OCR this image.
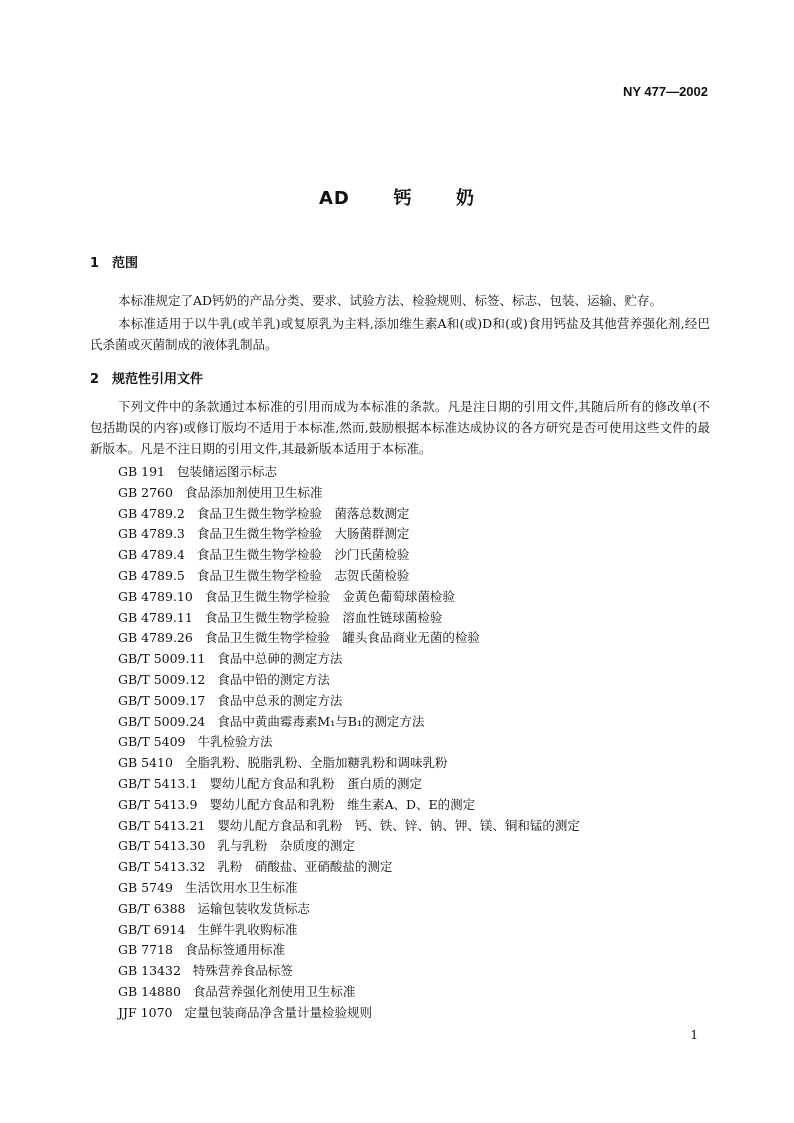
NY 477—2002
AD      钙      奶
1 范围
本标准规定了AD钙奶的产品分类、要求、试验方法、检验规则、标签、标志、包装、运输、贮存。
本标准适用于以牛乳(或羊乳)或复原乳为主料,添加维生素A和(或)D和(或)食用钙盐及其他营养强化剂,经巴氏杀菌或灭菌制成的液体乳制品。
2 规范性引用文件
下列文件中的条款通过本标准的引用而成为本标准的条款。凡是注日期的引用文件,其随后所有的修改单(不包括勘误的内容)或修订版均不适用于本标准,然而,鼓励根据本标准达成协议的各方研究是否可使用这些文件的最新版本。凡是不注日期的引用文件,其最新版本适用于本标准。
GB 191 包装储运图示标志
GB 2760 食品添加剂使用卫生标准
GB 4789.2 食品卫生微生物学检验　菌落总数测定
GB 4789.3 食品卫生微生物学检验　大肠菌群测定
GB 4789.4 食品卫生微生物学检验　沙门氏菌检验
GB 4789.5 食品卫生微生物学检验　志贺氏菌检验
GB 4789.10 食品卫生微生物学检验　金黄色葡萄球菌检验
GB 4789.11 食品卫生微生物学检验　溶血性链球菌检验
GB 4789.26 食品卫生微生物学检验　罐头食品商业无菌的检验
GB/T 5009.11 食品中总砷的测定方法
GB/T 5009.12 食品中铅的测定方法
GB/T 5009.17 食品中总汞的测定方法
GB/T 5009.24 食品中黄曲霉毒素M₁与B₁的测定方法
GB/T 5409 牛乳检验方法
GB 5410 全脂乳粉、脱脂乳粉、全脂加糖乳粉和调味乳粉
GB/T 5413.1 婴幼儿配方食品和乳粉　蛋白质的测定
GB/T 5413.9 婴幼儿配方食品和乳粉　维生素A、D、E的测定
GB/T 5413.21 婴幼儿配方食品和乳粉　钙、铁、锌、钠、钾、镁、铜和锰的测定
GB/T 5413.30 乳与乳粉　杂质度的测定
GB/T 5413.32 乳粉　硝酸盐、亚硝酸盐的测定
GB 5749 生活饮用水卫生标准
GB/T 6388 运输包装收发货标志
GB/T 6914 生鲜牛乳收购标准
GB 7718 食品标签通用标准
GB 13432 特殊营养食品标签
GB 14880 食品营养强化剂使用卫生标准
JJF 1070 定量包装商品净含量计量检验规则
1
